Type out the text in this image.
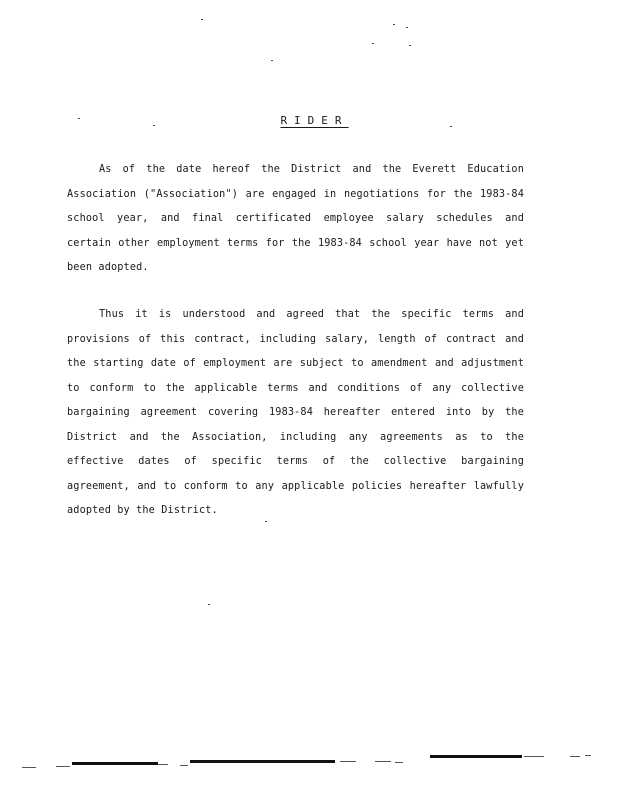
RIDER

As of the date hereof the District and the Everett Education Association ("Association") are engaged in negotiations for the 1983-84 school year, and final certificated employee salary schedules and certain other employment terms for the 1983-84 school year have not yet been adopted.

Thus it is understood and agreed that the specific terms and provisions of this contract, including salary, length of contract and the starting date of employment are subject to amendment and adjustment to conform to the applicable terms and conditions of any collective bargaining agreement covering 1983-84 hereafter entered into by the District and the Association, including any agreements as to the effective dates of specific terms of the collective bargaining agreement, and to conform to any applicable policies hereafter lawfully adopted by the District.
